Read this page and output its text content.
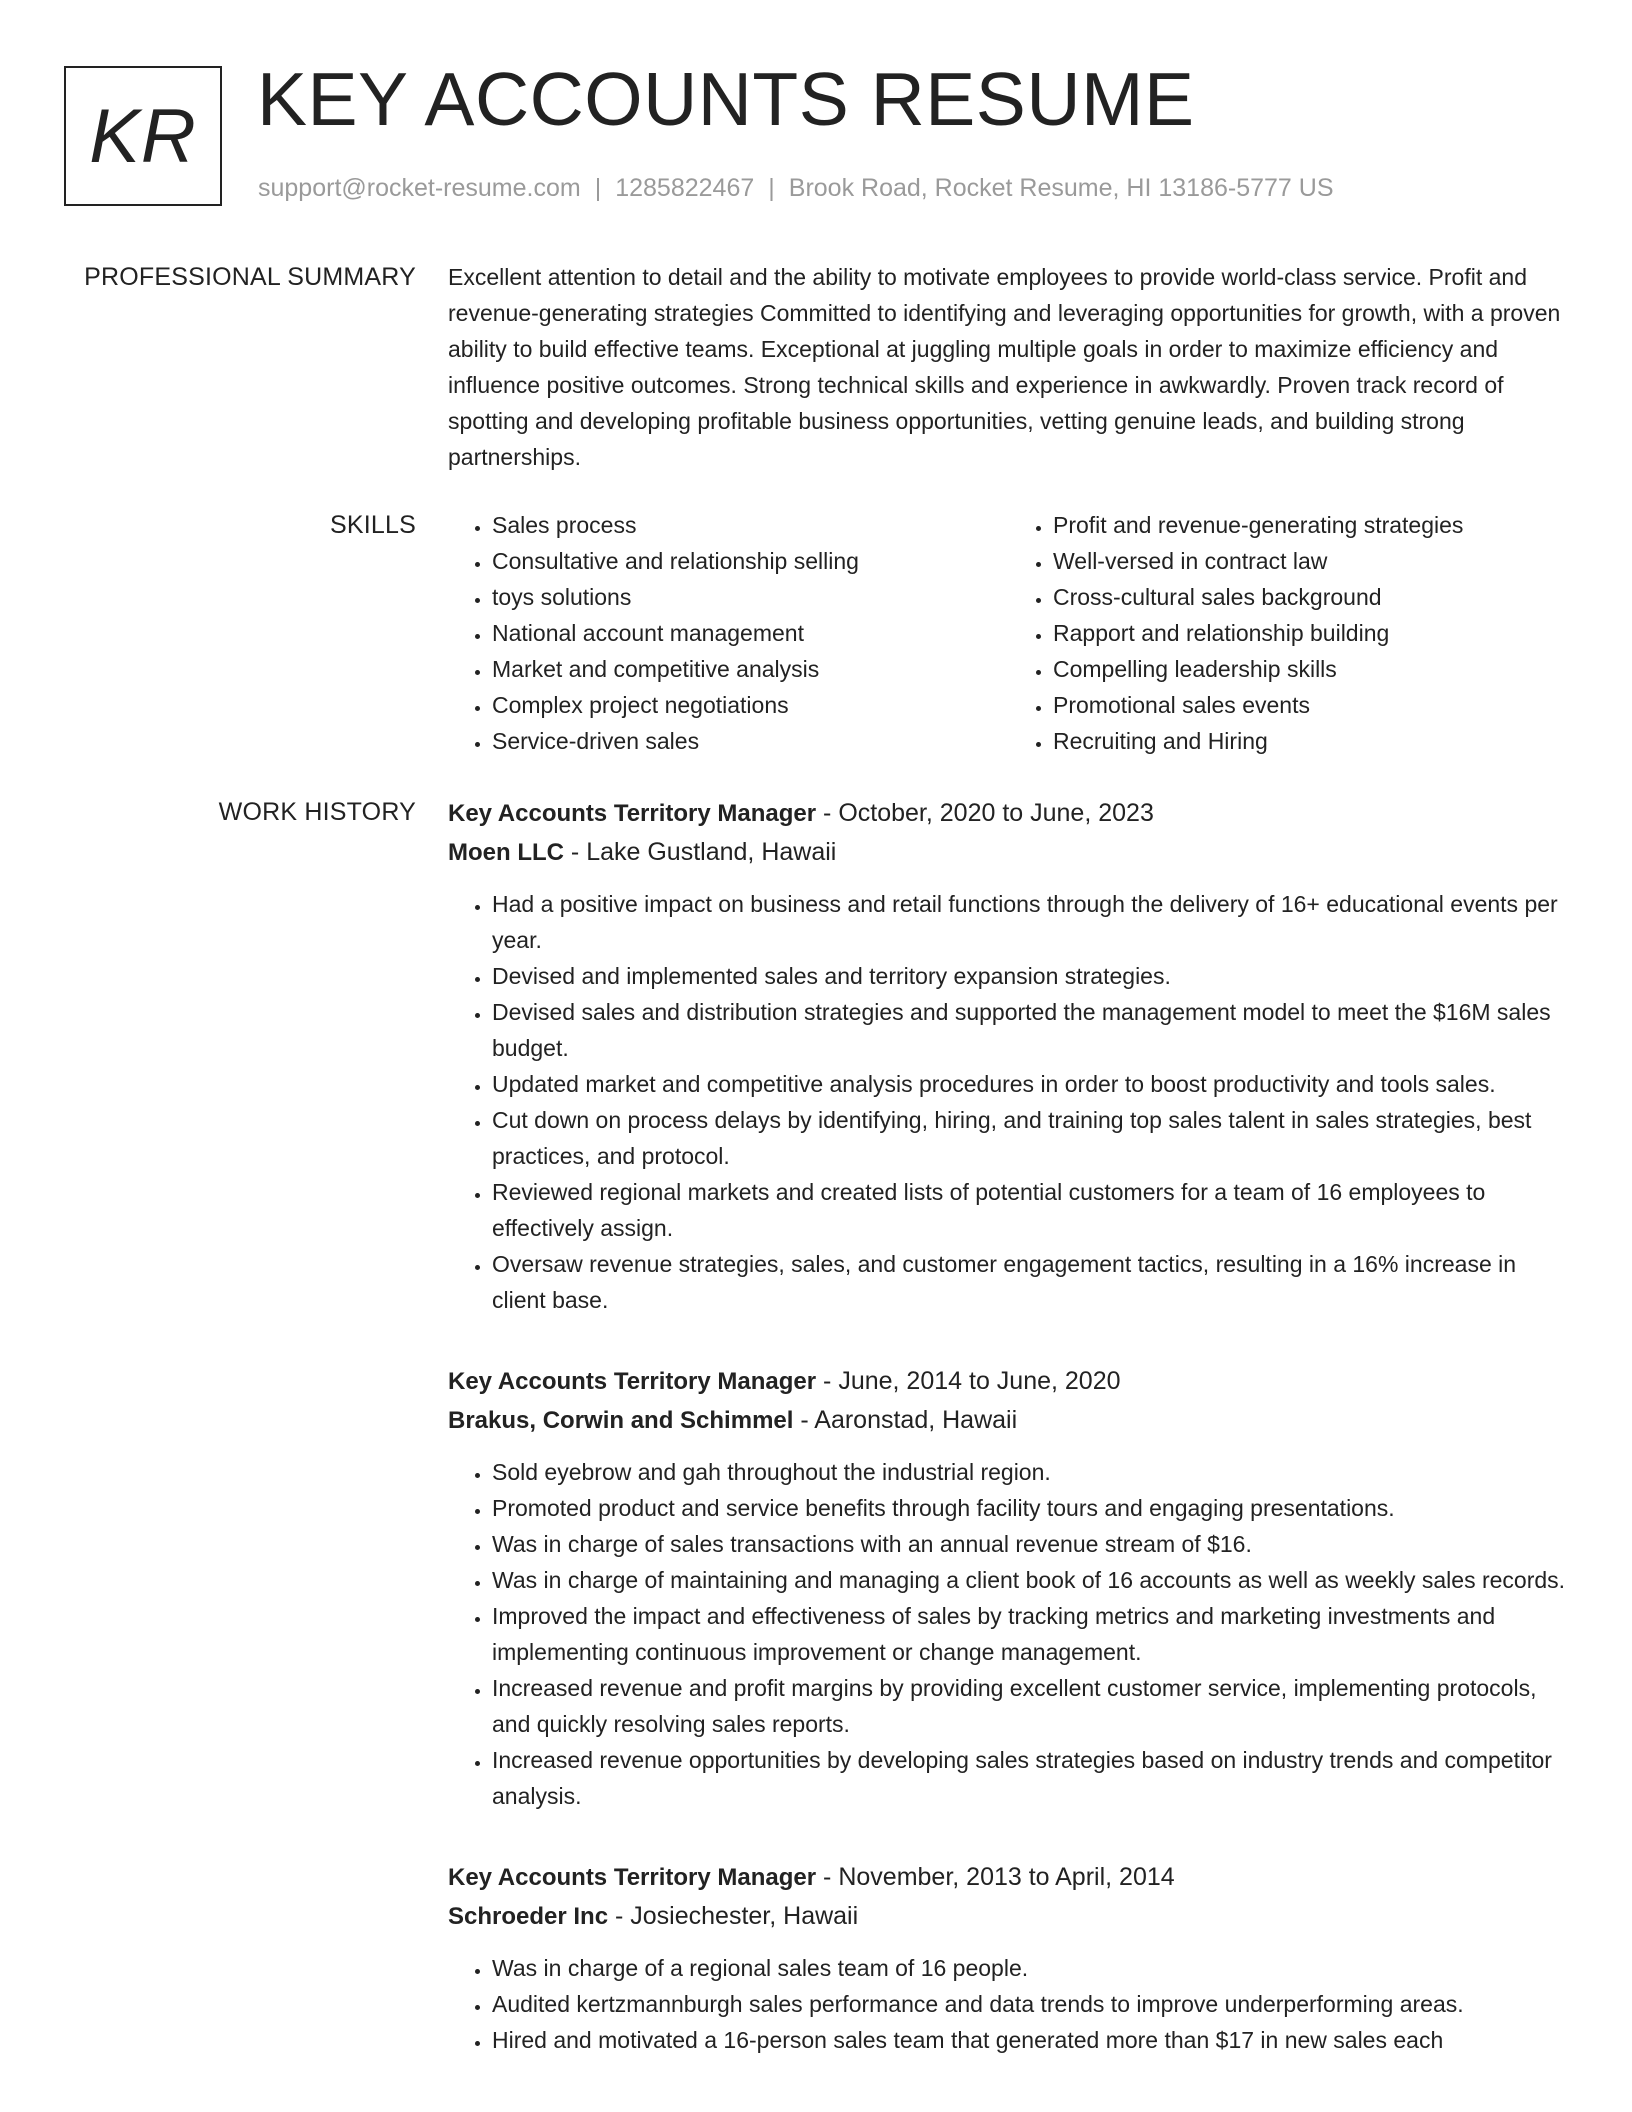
KR KEY ACCOUNTS RESUME
support@rocket-resume.com | 1285822467 | Brook Road, Rocket Resume, HI 13186-5777 US
PROFESSIONAL SUMMARY Excellent attention to detail and the ability to motivate employees to provide world-class service. Profit and revenue-generating strategies Committed to identifying and leveraging opportunities for growth, with a proven ability to build effective teams. Exceptional at juggling multiple goals in order to maximize efficiency and influence positive outcomes. Strong technical skills and experience in awkwardly. Proven track record of spotting and developing profitable business opportunities, vetting genuine leads, and building strong partnerships.

SKILLS
•	Sales process
• Consultative and relationship selling
• toys solutions
• National account management
• Market and competitive analysis
• Complex project negotiations
• Service-driven sales
• Profit and revenue-generating strategies
• Well-versed in contract law
• Cross-cultural sales background
• Rapport and relationship building
• Compelling leadership skills
• Promotional sales events
• Recruiting and Hiring
WORK HISTORY Key Accounts Territory Manager - October, 2020 to June, 2023
Moen LLC - Lake Gustland, Hawaii
• Had a positive impact on business and retail functions through the delivery of 16+ educational events per year.
• Devised and implemented sales and territory expansion strategies.
• Devised sales and distribution strategies and supported the management model to meet the $16M sales budget.
• Updated market and competitive analysis procedures in order to boost productivity and tools sales.
• Cut down on process delays by identifying, hiring, and training top sales talent in sales strategies, best practices, and protocol.
• Reviewed regional markets and created lists of potential customers for a team of 16 employees to effectively assign.
• Oversaw revenue strategies, sales, and customer engagement tactics, resulting in a 16% increase in client base.
Key Accounts Territory Manager - June, 2014 to June, 2020
Brakus, Corwin and Schimmel - Aaronstad, Hawaii
• Sold eyebrow and gah throughout the industrial region.
• Promoted product and service benefits through facility tours and engaging presentations.
• Was in charge of sales transactions with an annual revenue stream of $16.
• Was in charge of maintaining and managing a client book of 16 accounts as well as weekly sales records.
• Improved the impact and effectiveness of sales by tracking metrics and marketing investments and implementing continuous improvement or change management.
• Increased revenue and profit margins by providing excellent customer service, implementing protocols, and quickly resolving sales reports.
• Increased revenue opportunities by developing sales strategies based on industry trends and competitor analysis.
Key Accounts Territory Manager - November, 2013 to April, 2014
Schroeder Inc - Josiechester, Hawaii
• Was in charge of a regional sales team of 16 people.
• Audited kertzmannburgh sales performance and data trends to improve underperforming areas.
• Hired and motivated a 16-person sales team that generated more than $17 in new sales each
